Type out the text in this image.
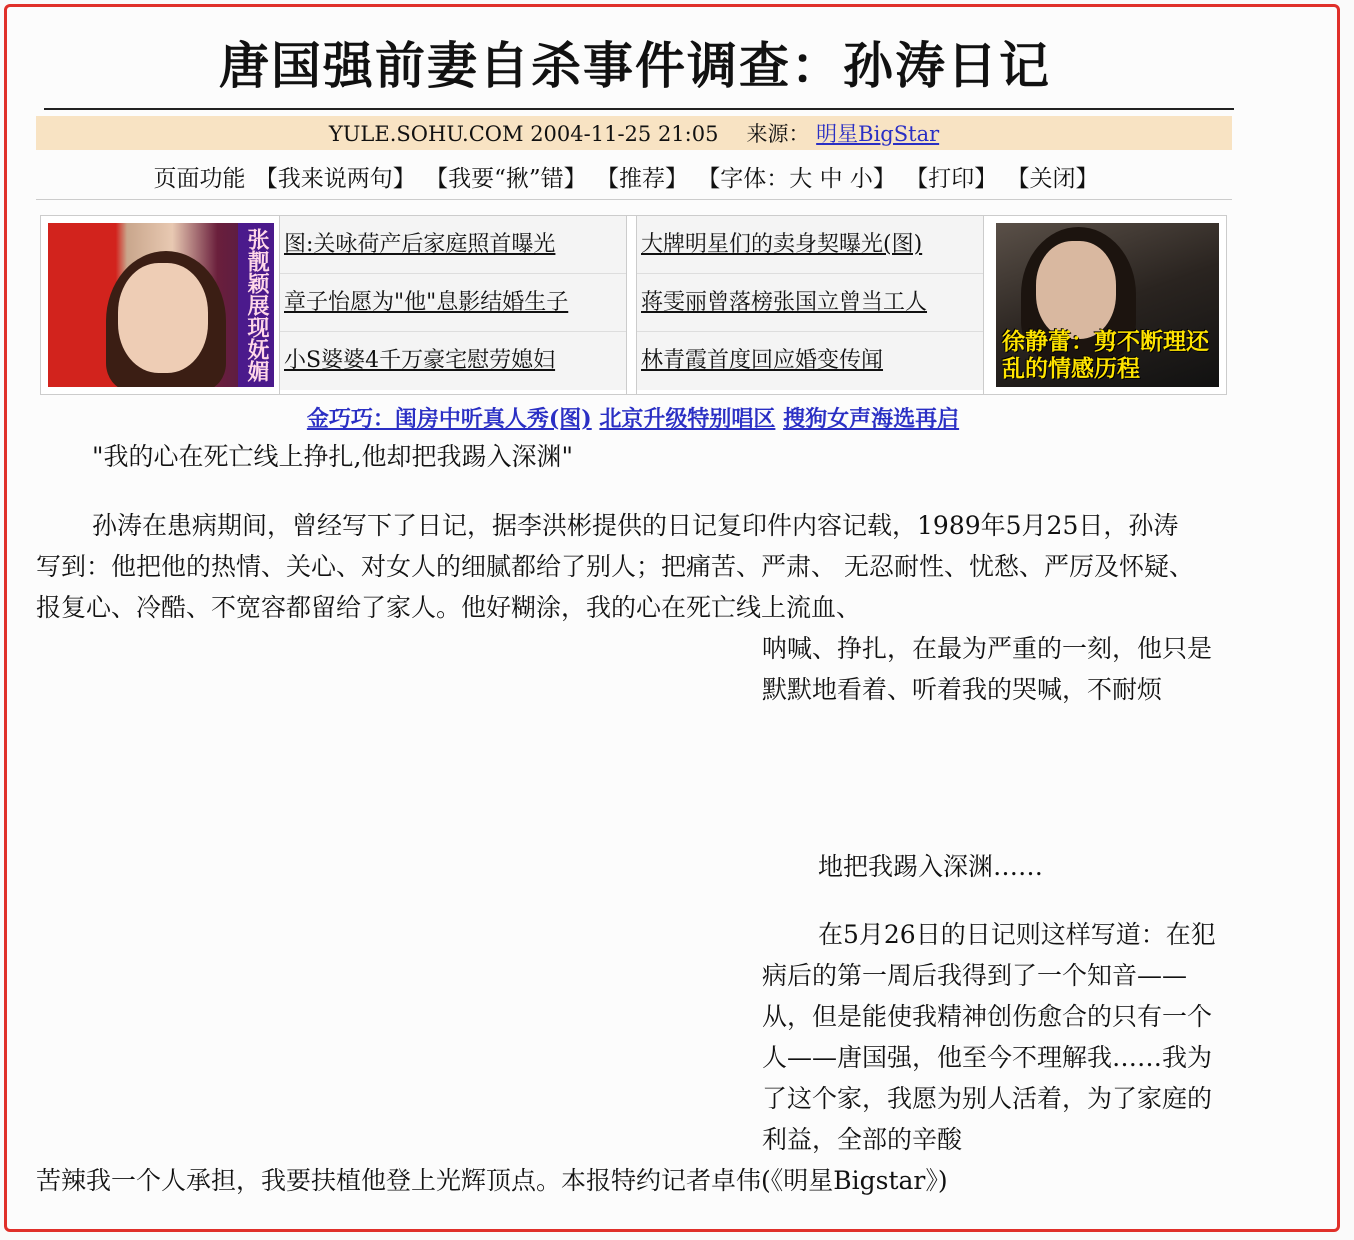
唐国强前妻自杀事件调查：孙涛日记
YULE.SOHU.COM 2004-11-25 21:05 来源： 明星BigStar
页面功能 【我来说两句】 【我要“揪”错】 【推荐】 【字体：大 中 小】 【打印】 【关闭】
张靓颖展现妩媚 图:关咏荷产后家庭照首曝光
章子怡愿为"他"息影结婚生子
小S婆婆4千万豪宅慰劳媳妇
大牌明星们的卖身契曝光(图)
蒋雯丽曾落榜张国立曾当工人
林青霞首度回应婚变传闻
徐静蕾：剪不断理还乱的情感历程
金巧巧：闺房中听真人秀(图) 北京升级特别唱区 搜狗女声海选再启
"我的心在死亡线上挣扎,他却把我踢入深渊"
孙涛在患病期间，曾经写下了日记，据李洪彬提供的日记复印件内容记载，1989年5月25日，孙涛写到：他把他的热情、关心、对女人的细腻都给了别人；把痛苦、严肃、 无忍耐性、忧愁、严厉及怀疑、报复心、冷酷、不宽容都留给了家人。他好糊涂，我的心在死亡线上流血、
呐喊、挣扎，在最为严重的一刻，他只是默默地看着、听着我的哭喊，不耐烦
地把我踢入深渊……
在5月26日的日记则这样写道：在犯病后的第一周后我得到了一个知音——从，但是能使我精神创伤愈合的只有一个人——唐国强，他至今不理解我……我为了这个家，我愿为别人活着，为了家庭的利益，全部的辛酸
苦辣我一个人承担，我要扶植他登上光辉顶点。本报特约记者卓伟(《明星Bigstar》)
